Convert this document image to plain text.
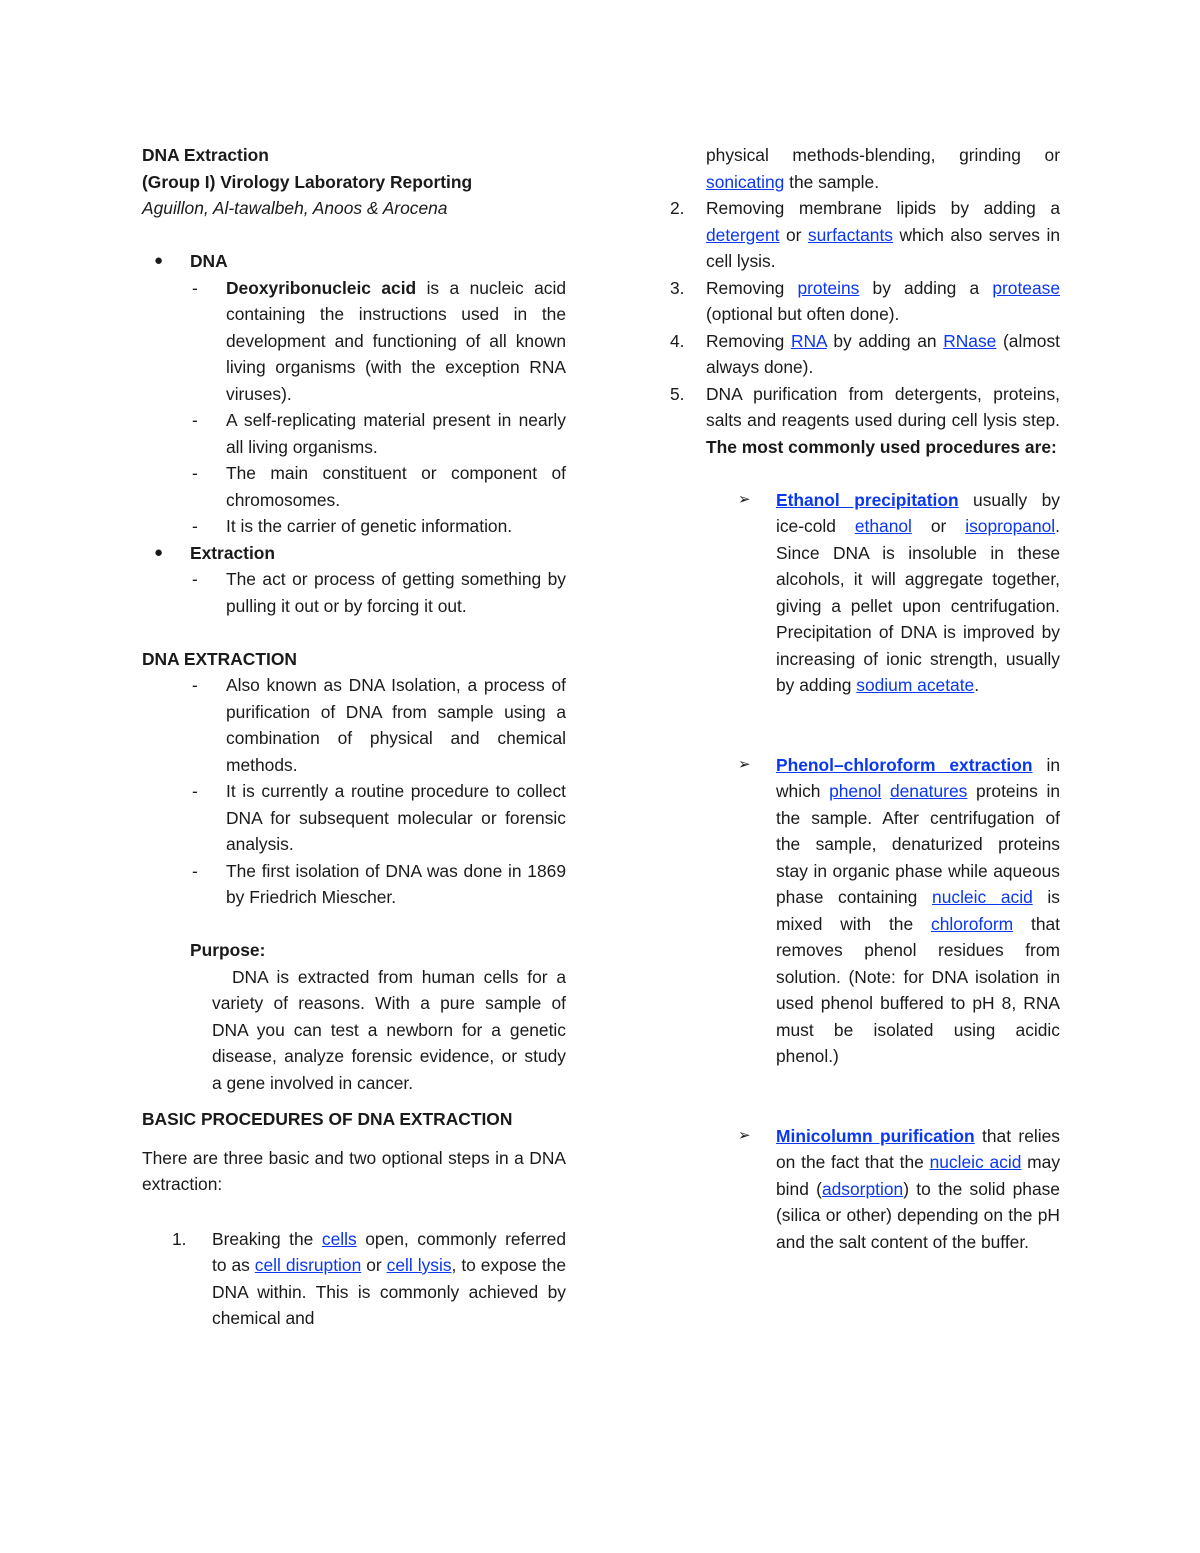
DNA Extraction

(Group I) Virology Laboratory Reporting

Aguillon, Al-tawalbeh, Anoos & Arocena

● DNA
- Deoxyribonucleic acid is a nucleic acid containing the instructions used in the development and functioning of all known living organisms (with the exception RNA viruses).
- A self-replicating material present in nearly all living organisms.
- The main constituent or component of chromosomes.
- It is the carrier of genetic information.
● Extraction
- The act or process of getting something by pulling it out or by forcing it out.

DNA EXTRACTION

- Also known as DNA Isolation, a process of purification of DNA from sample using a combination of physical and chemical methods.
- It is currently a routine procedure to collect DNA for subsequent molecular or forensic analysis.
- The first isolation of DNA was done in 1869 by Friedrich Miescher.

Purpose:

DNA is extracted from human cells for a variety of reasons. With a pure sample of DNA you can test a newborn for a genetic disease, analyze forensic evidence, or study a gene involved in cancer.

BASIC PROCEDURES OF DNA EXTRACTION

There are three basic and two optional steps in a DNA extraction:

1. Breaking the cells open, commonly referred to as cell disruption or cell lysis, to expose the DNA within. This is commonly achieved by chemical and

physical methods-blending, grinding or sonicating the sample.

2. Removing membrane lipids by adding a detergent or surfactants which also serves in cell lysis.
3. Removing proteins by adding a protease (optional but often done).
4. Removing RNA by adding an RNase (almost always done).
5. DNA purification from detergents, proteins, salts and reagents used during cell lysis step. The most commonly used procedures are:
➢ Ethanol precipitation usually by ice-cold ethanol or isopropanol. Since DNA is insoluble in these alcohols, it will aggregate together, giving a pellet upon centrifugation. Precipitation of DNA is improved by increasing of ionic strength, usually by adding sodium acetate.
➢ Phenol–chloroform extraction in which phenol denatures proteins in the sample. After centrifugation of the sample, denaturized proteins stay in organic phase while aqueous phase containing nucleic acid is mixed with the chloroform that removes phenol residues from solution. (Note: for DNA isolation in used phenol buffered to pH 8, RNA must be isolated using acidic phenol.)
➢ Minicolumn purification that relies on the fact that the nucleic acid may bind (adsorption) to the solid phase (silica or other) depending on the pH and the salt content of the buffer.
